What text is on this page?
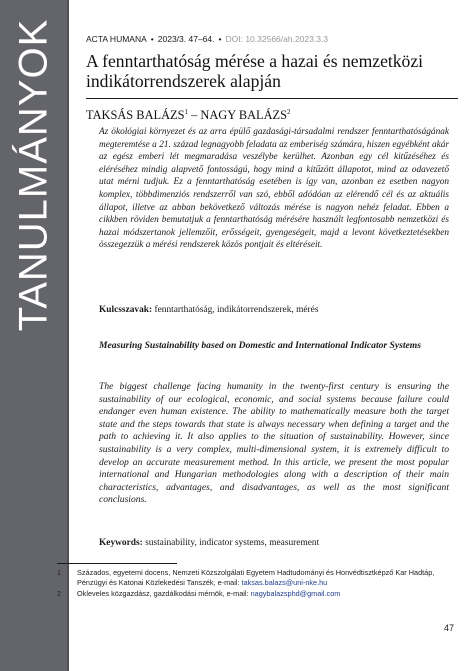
TANULMÁNYOK	ACTA HUMANA • 2023/3. 47–64. • DOI: 10.32566/ah.2023.3.3
A fenntarthatóság mérése a hazai és nemzetközi indikátorrendszerek alapján
TAKSÁS BALÁZS$^1$ – NAGY BALÁZS$^2$
Az ökológiai környezet és az arra épülő gazdasági-társadalmi rendszer fenntarthatóságának megteremtése a 21. század legnagyobb feladata az emberiség számára, hiszen egyébként akár az egész emberi lét megmaradása veszélybe kerülhet. Azonban egy cél kitűzéséhez és eléréséhez mindig alapvető fontosságú, hogy mind a kitűzött állapotot, mind az odavezető utat mérni tudjuk. Ez a fenntarthatóság esetében is így van, azonban ez esetben nagyon komplex, többdimenziós rendszerről van szó, ebből adódóan az elérendő cél és az aktuális állapot, illetve az abban bekövetkező változás mérése is nagyon nehéz feladat. Ebben a cikkben röviden bemutatjuk a fenntarthatóság mérésére használt legfontosabb nemzetközi és hazai módszertanok jellemzőit, erősségeit, gyengeségeit, majd a levont következtetésekben összegezzük a mérési rendszerek közös pontjait és eltéréseit.
Kulcsszavak: fenntarthatóság, indikátorrendszerek, mérés
Measuring Sustainability based on Domestic and International Indicator Systems
The biggest challenge facing humanity in the twenty-first century is ensuring the sustainability of our ecological, economic, and social systems because failure could endanger even human existence. The ability to mathematically measure both the target state and the steps towards that state is always necessary when defining a target and the path to achieving it. It also applies to the situation of sustainability. However, since sustainability is a very complex, multi-dimensional system, it is extremely difficult to develop an accurate measurement method. In this article, we present the most popular international and Hungarian methodologies along with a description of their main characteristics, advantages, and disadvantages, as well as the most significant conclusions.
Keywords: sustainability, indicator systems, measurement
1	Százados, egyetemi docens, Nemzeti Közszolgálati Egyetem Hadtudományi és Honvédtisztképző Kar Hadtáp, Pénzügyi és Katonai Közlekedési Tanszék, e-mail: taksas.balazs@uni-nke.hu
2	Okleveles közgazdász, gazdálkodási mérnök, e-mail: nagybalazsphd@gmail.com
47
